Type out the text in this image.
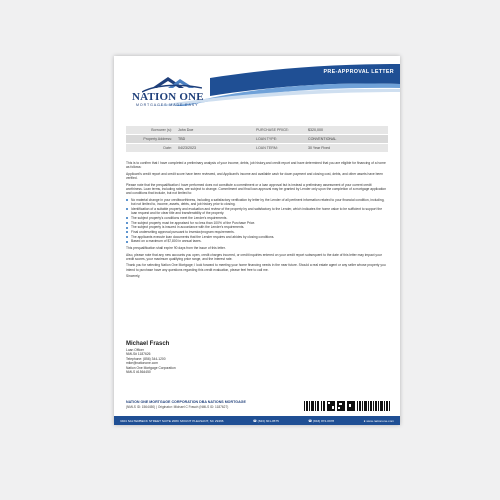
PRE-APPROVAL LETTER
NATION ONE
MORTGAGES MADE EASY
Borrower (s):	John Doe	PURCHASE PRICE:	$320,000
Property Address:	TBD	LOAN TYPE:	CONVENTIONAL
Date:	04/23/2023	LOAN TERM:	30 Year Fixed

This is to confirm that I have completed a preliminary analysis of your income, debts, job history,and credit report and have determined that you are eligible for financing of a home as follows:

Applicant's credit report and credit score have been reviewed, and Applicant's income and available cash for down payment and closing cost, debts, and other assets have been verified.

Please note that the prequalification I have performed does not constitute a commitment or a loan approval but is instead a preliminary assessment of your current credit worthiness. Loan terms, including rates, are subject to change. Commitment and final loan approval may be granted by Lender only upon the completion of a mortgage application and conditions that include, but not limited to:

No material change in your creditworthiness, including a satisfactory verification by letter by the Lender of all pertinent information related to your financial condition, including, but not limited to, income, assets, debts, and job history prior to closing.
Identification of a suitable property and evaluation and review of the property by and satisfactory to the Lender, which indicates the home value to be sufficient to support the loan request and for clear title and transferability of the property.
The subject property's conditions meet the Lender's requirements.
The subject property must be appraised for no less than 100% of the Purchase Price.
The subject property is insured in accordance with the Lender's requirements.
Final underwriting approval pursuant to investor/program requirements.
The applicants execute loan documents that the Lender requires and abides by closing conditions.
Based on a maximum of $7,800 in annual taxes.

This prequalification shall expire 90 days from the issue of this letter.

Also, please note that any new accounts you open, credit charges incurred, or credit inquiries entered on your credit report subsequent to the date of this letter may impact your credit scores, your maximum qualifying price range, and the interest rate.

Thank you for selecting Nation One Mortgage; I look forward to meeting your home financing needs in the near future. Should a real estate agent or any seller whose property you intend to purchase have any questions regarding this credit evaluation, please feel free to call me.

Sincerely,

Michael Frasch
Loan Officer
NMLS# 1187626
Telephone: (856) 344-1200
mike@nationone.com
Nation One Mortgage Corporation
NMLS #1564450
NATION ONE MORTGAGE CORPORATION DBA NATIONS MORTGAGE
(NMLS ID: 1564450) | Originator: Michael C Frasch (NMLS ID: 1187627)
3404 SALTERBECK STREET SUITE 208C MOUNT PLEASANT, SC 29466	☎ (843) 301-0575	☎ (843) 872-0978	● www.nationone.com
